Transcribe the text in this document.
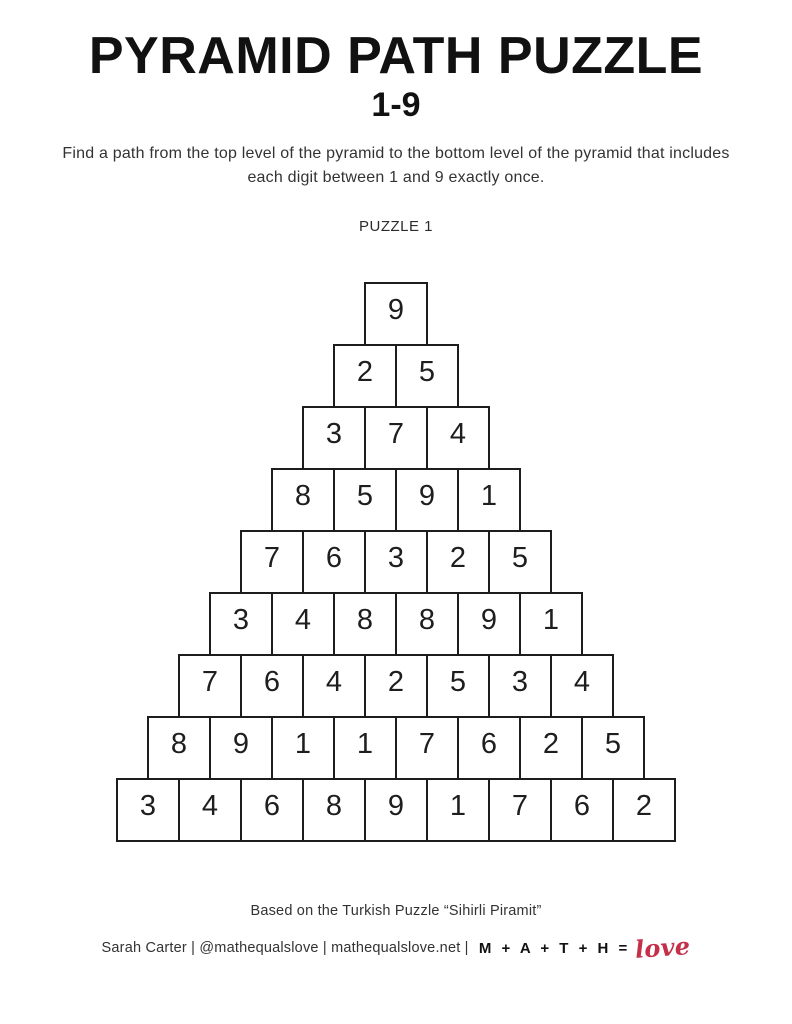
PYRAMID PATH PUZZLE
1-9

Find a path from the top level of the pyramid to the bottom level of the pyramid that includes each digit between 1 and 9 exactly once.

PUZZLE 1
9
2	5
3	7	4
8	5	9	1
7	6	3	2	5
3	4	8	8	9	1
7	6	4	2	5	3	4
8	9	1	1	7	6	2	5
3	4	6	8	9	1	7	6	2
Based on the Turkish Puzzle “Sihirli Piramit”
Sarah Carter | @mathequalslove | mathequalslove.net | M + A + T + H = love
